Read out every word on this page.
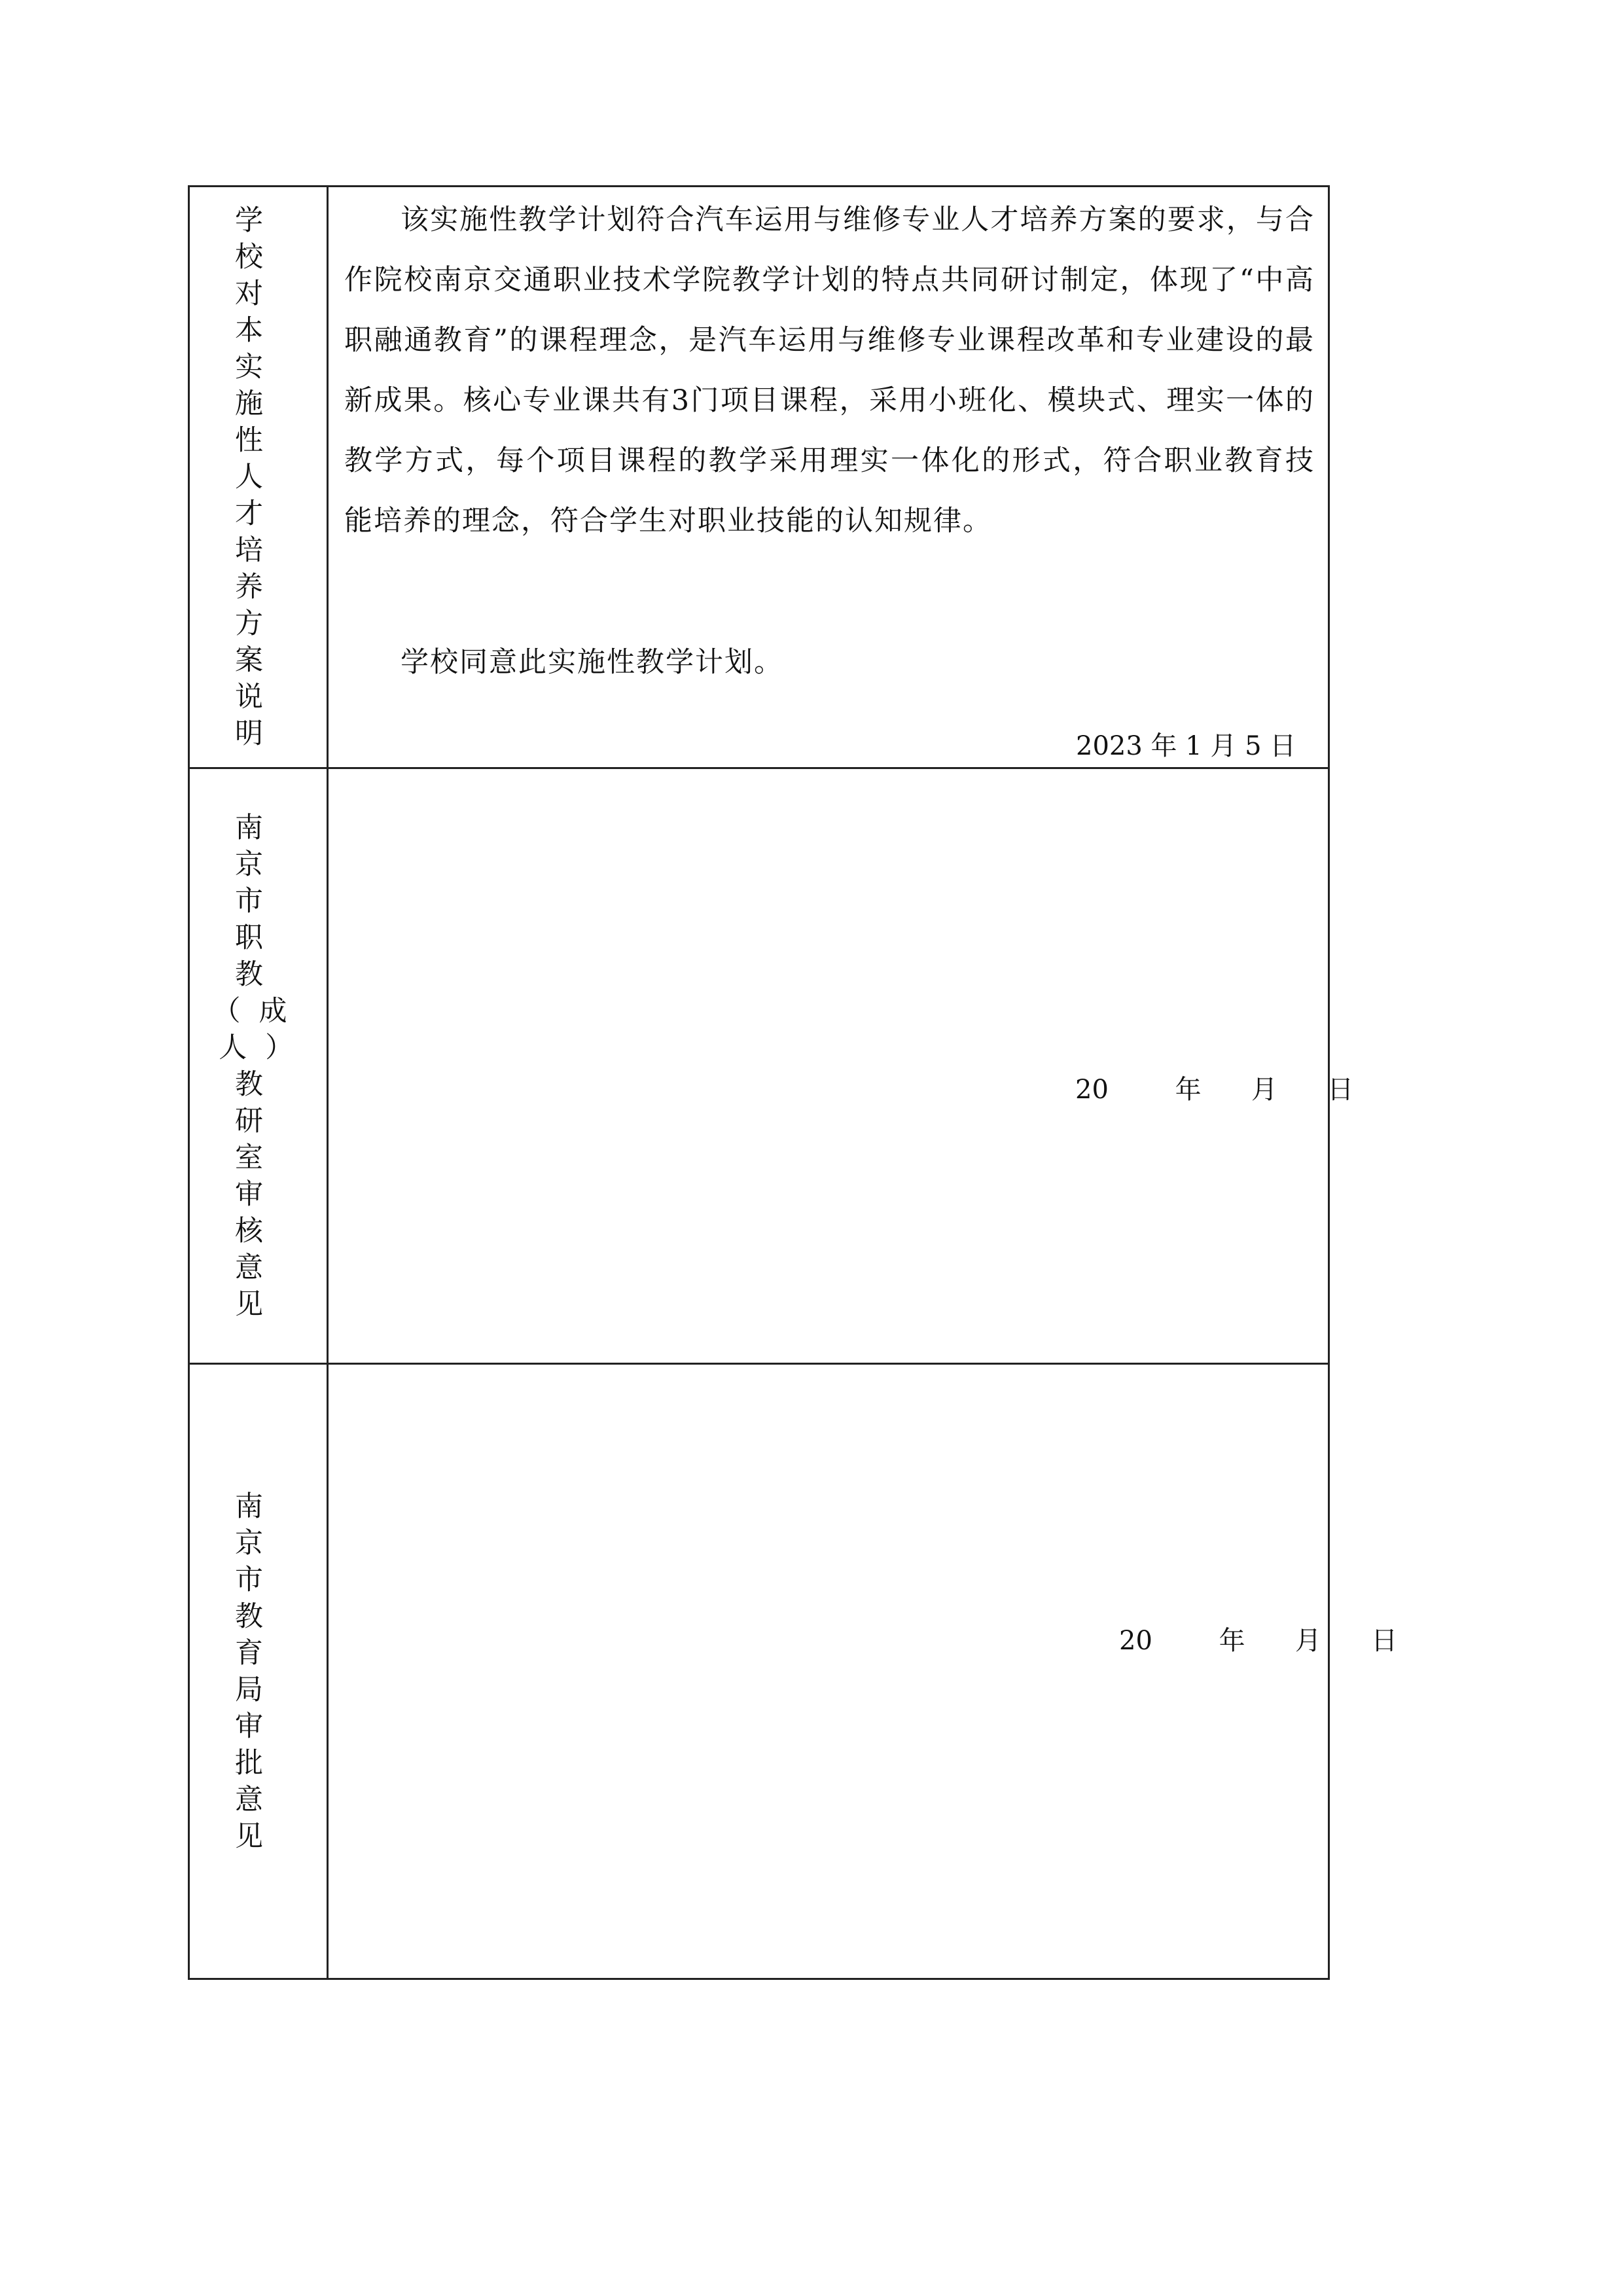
学校对本实施性人才培养方案说明

该实施性教学计划符合汽车运用与维修专业人才培养方案的要求，与合作院校南京交通职业技术学院教学计划的特点共同研讨制定，体现了“中高职融通教育”的课程理念，是汽车运用与维修专业课程改革和专业建设的最新成果。核心专业课共有3门项目课程，采用小班化、模块式、理实一体的教学方式，每个项目课程的教学采用理实一体化的形式，符合职业教育技能培养的理念，符合学生对职业技能的认知规律。

学校同意此实施性教学计划。

2023 年 1 月 5 日
南京市职教（成人）教研室审核意见
20        年      月      日
南京市教育局审批意见
20        年      月      日
